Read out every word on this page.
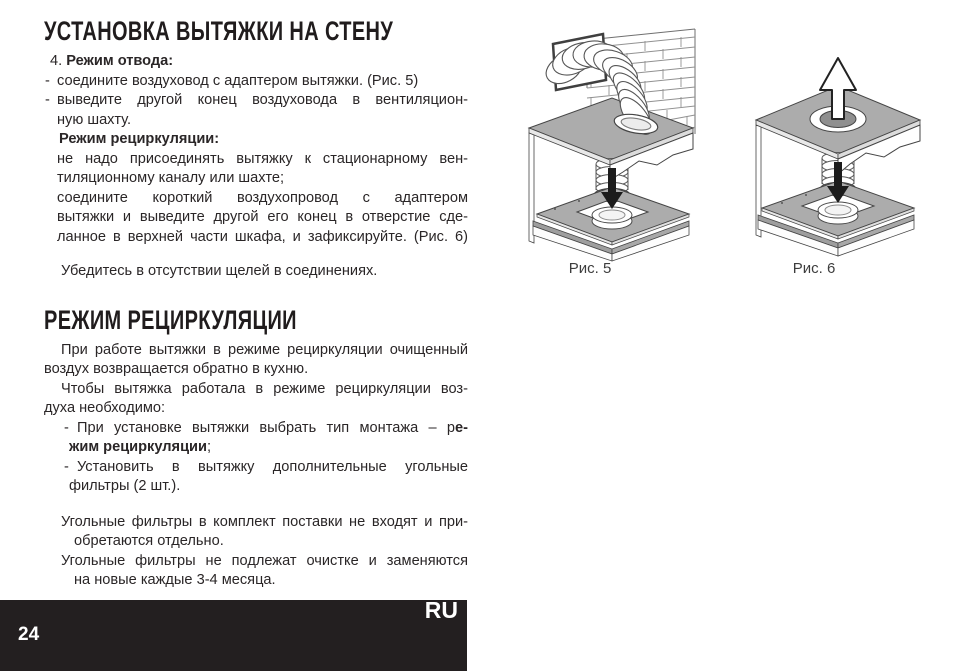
УСТАНОВКА ВЫТЯЖКИ НА СТЕНУ
4. Режим отвода:
- соедините воздуховод с адаптером вытяжки. (Рис. 5)
- выведите другой конец воздуховода в вентиляцион-
ную шахту.
Режим рециркуляции:
не надо присоединять вытяжку к стационарному вен-
тиляционному каналу или шахте;
соедините короткий воздухопровод с адаптером
вытяжки и выведите другой его конец в отверстие сде-
ланное в верхней части шкафа, и зафиксируйте. (Рис. 6)
Убедитесь в отсутствии щелей в соединениях.
РЕЖИМ РЕЦИРКУЛЯЦИИ
При работе вытяжки в режиме рециркуляции очищенный
воздух возвращается обратно в кухню.
Чтобы вытяжка работала в режиме рециркуляции воз-
духа необходимо:
- При установке вытяжки выбрать тип монтажа – ре-
жим рециркуляции;
- Установить в вытяжку дополнительные угольные
фильтры (2 шт.).
Угольные фильтры в комплект поставки не входят и при-
обретаются отдельно.
Угольные фильтры не подлежат очистке и заменяются
на новые каждые 3-4 месяца.
Рис. 5	Рис. 6
RU
24
